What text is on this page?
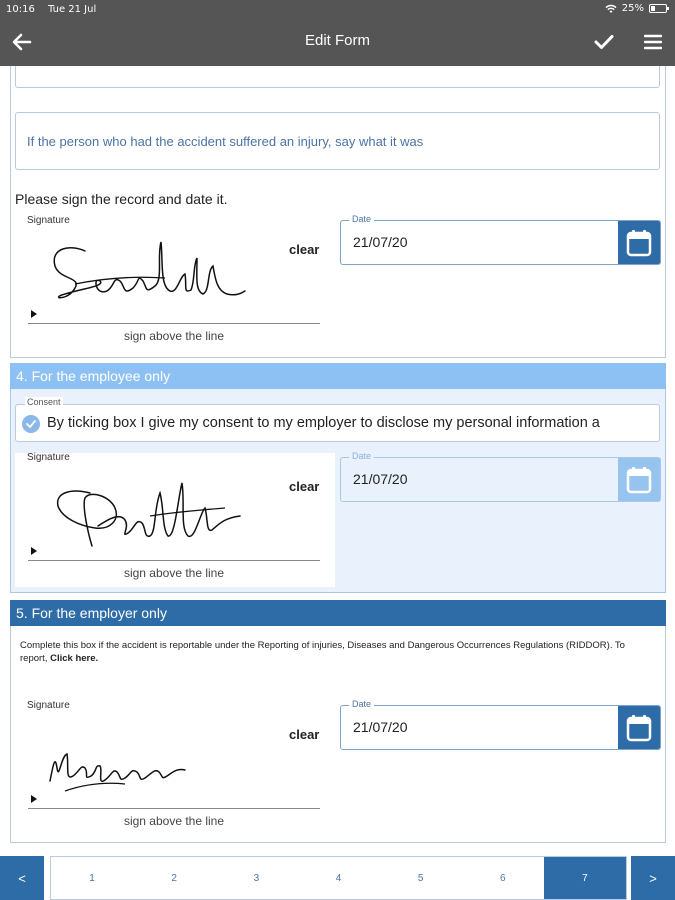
10:16 Tue 21 Jul	25%
Edit Form
If the person who had the accident suffered an injury, say what it was
Please sign the record and date it.
Signature
clear
sign above the line
Date
21/07/20
4. For the employee only
By ticking box I give my consent to my employer to disclose my personal information a
Consent
Signature
clear
sign above the line
Date
21/07/20
5. For the employer only
Complete this box if the accident is reportable under the Reporting of injuries, Diseases and Dangerous Occurrences Regulations (RIDDOR). To report, Click here.
Signature
clear
sign above the line
Date
21/07/20
<	1	2	3	4	5	6	7	>
